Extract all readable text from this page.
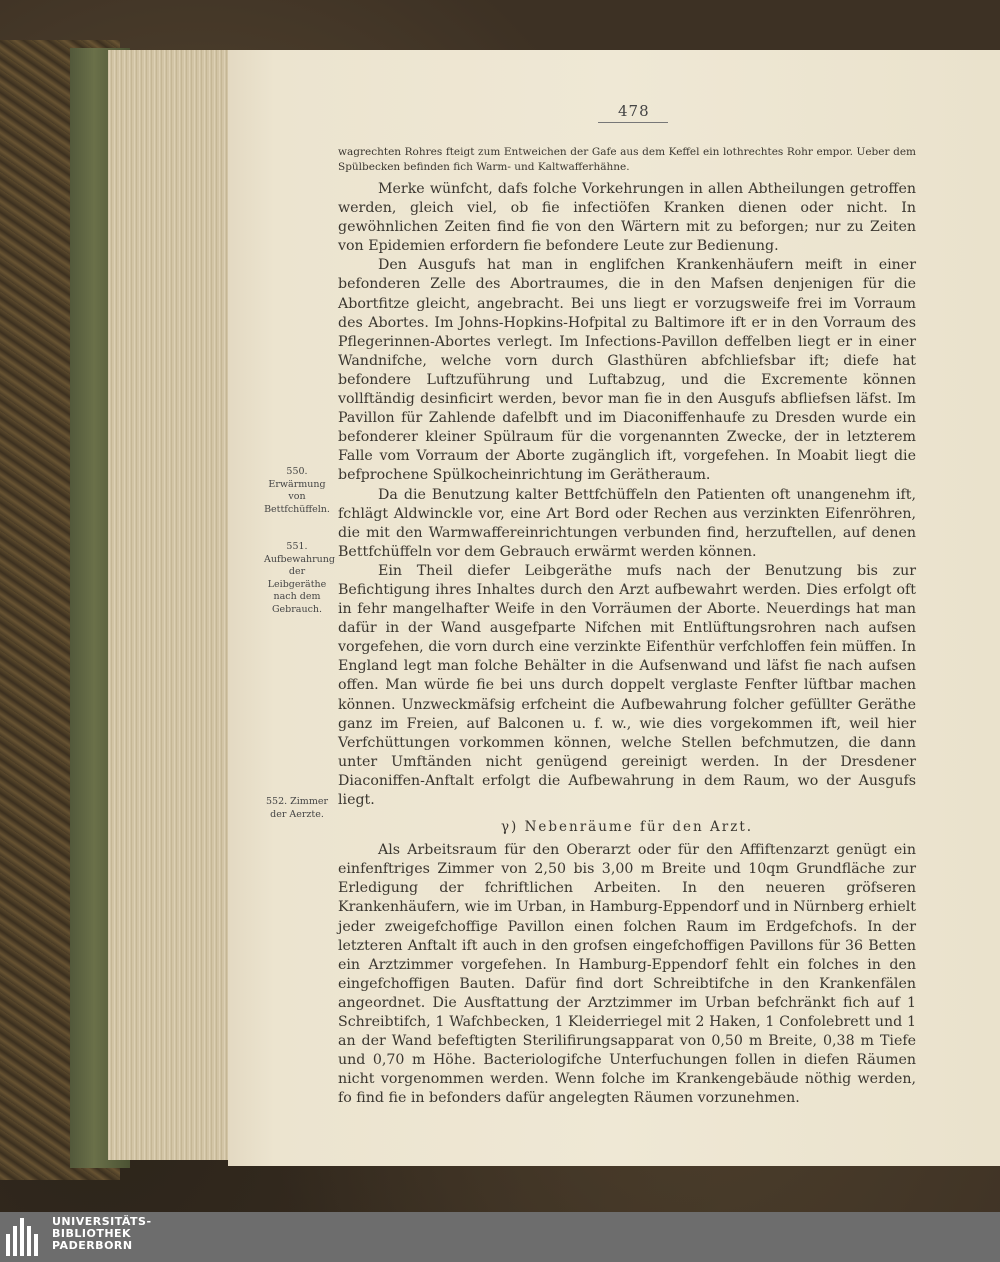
478
550. Erwärmung von Bettfchüffeln.
551. Aufbewahrung der Leibgeräthe nach dem Gebrauch.
552. Zimmer der Aerzte.

wagrechten Rohres fteigt zum Entweichen der Gafe aus dem Keffel ein lothrechtes Rohr empor. Ueber dem Spülbecken befinden fich Warm- und Kaltwafferhähne.

Merke wünfcht, dafs folche Vorkehrungen in allen Abtheilungen getroffen werden, gleich viel, ob fie infectiöfen Kranken dienen oder nicht. In gewöhnlichen Zeiten find fie von den Wärtern mit zu beforgen; nur zu Zeiten von Epidemien erfordern fie befondere Leute zur Bedienung.

Den Ausgufs hat man in englifchen Krankenhäufern meift in einer befonderen Zelle des Abortraumes, die in den Mafsen denjenigen für die Abortfitze gleicht, angebracht. Bei uns liegt er vorzugsweife frei im Vorraum des Abortes. Im Johns-Hopkins-Hofpital zu Baltimore ift er in den Vorraum des Pflegerinnen-Abortes verlegt. Im Infections-Pavillon deffelben liegt er in einer Wandnifche, welche vorn durch Glasthüren abfchliefsbar ift; diefe hat befondere Luftzuführung und Luftabzug, und die Excremente können vollftändig desinficirt werden, bevor man fie in den Ausgufs abfliefsen läfst. Im Pavillon für Zahlende dafelbft und im Diaconiffenhaufe zu Dresden wurde ein befonderer kleiner Spülraum für die vorgenannten Zwecke, der in letzterem Falle vom Vorraum der Aborte zugänglich ift, vorgefehen. In Moabit liegt die befprochene Spülkocheinrichtung im Gerätheraum.

Da die Benutzung kalter Bettfchüffeln den Patienten oft unangenehm ift, fchlägt Aldwinckle vor, eine Art Bord oder Rechen aus verzinkten Eifenröhren, die mit den Warmwaffereinrichtungen verbunden find, herzuftellen, auf denen Bettfchüffeln vor dem Gebrauch erwärmt werden können.

Ein Theil diefer Leibgeräthe mufs nach der Benutzung bis zur Befichtigung ihres Inhaltes durch den Arzt aufbewahrt werden. Dies erfolgt oft in fehr mangelhafter Weife in den Vorräumen der Aborte. Neuerdings hat man dafür in der Wand ausgefparte Nifchen mit Entlüftungsrohren nach aufsen vorgefehen, die vorn durch eine verzinkte Eifenthür verfchloffen fein müffen. In England legt man folche Behälter in die Aufsenwand und läfst fie nach aufsen offen. Man würde fie bei uns durch doppelt verglaste Fenfter lüftbar machen können. Unzweckmäfsig erfcheint die Aufbewahrung folcher gefüllter Geräthe ganz im Freien, auf Balconen u. f. w., wie dies vorgekommen ift, weil hier Verfchüttungen vorkommen können, welche Stellen befchmutzen, die dann unter Umftänden nicht genügend gereinigt werden. In der Dresdener Diaconiffen-Anftalt erfolgt die Aufbewahrung in dem Raum, wo der Ausgufs liegt.

γ) Nebenräume für den Arzt.

Als Arbeitsraum für den Oberarzt oder für den Affiftenzarzt genügt ein einfenftriges Zimmer von 2,50 bis 3,00 m Breite und 10qm Grundfläche zur Erledigung der fchriftlichen Arbeiten. In den neueren gröfseren Krankenhäufern, wie im Urban, in Hamburg-Eppendorf und in Nürnberg erhielt jeder zweigefchoffige Pavillon einen folchen Raum im Erdgefchofs. In der letzteren Anftalt ift auch in den grofsen eingefchoffigen Pavillons für 36 Betten ein Arztzimmer vorgefehen. In Hamburg-Eppendorf fehlt ein folches in den eingefchoffigen Bauten. Dafür find dort Schreibtifche in den Krankenfälen angeordnet. Die Ausftattung der Arztzimmer im Urban befchränkt fich auf 1 Schreibtifch, 1 Wafchbecken, 1 Kleiderriegel mit 2 Haken, 1 Confolebrett und 1 an der Wand befeftigten Sterilifirungsapparat von 0,50 m Breite, 0,38 m Tiefe und 0,70 m Höhe. Bacteriologifche Unterfuchungen follen in diefen Räumen nicht vorgenommen werden. Wenn folche im Krankengebäude nöthig werden, fo find fie in befonders dafür angelegten Räumen vorzunehmen.

UNIVERSITÄTS-
BIBLIOTHEK
PADERBORN
